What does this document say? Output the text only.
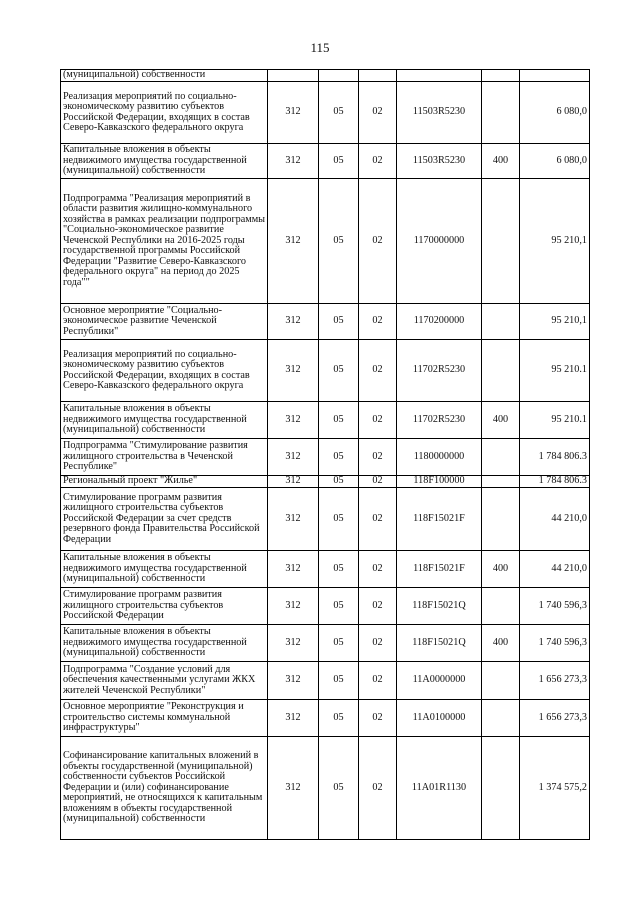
115
(муниципальной) собственности						
Реализация мероприятий по социально-экономическому развитию субъектов Российской Федерации, входящих в состав Северо-Кавказского федерального округа	312	05	02	11503R5230		6 080,0
Капитальные вложения в объекты недвижимого имущества государственной (муниципальной) собственности	312	05	02	11503R5230	400	6 080,0
Подпрограмма "Реализация мероприятий в области развития жилищно-коммунального хозяйства в рамках реализации подпрограммы "Социально-экономическое развитие Чеченской Республики на 2016-2025 годы государственной программы Российской Федерации "Развитие Северо-Кавказского федерального округа" на период до 2025 года""	312	05	02	1170000000		95 210,1
Основное мероприятие "Социально-экономическое развитие Чеченской Республики"	312	05	02	1170200000		95 210,1
Реализация мероприятий по социально-экономическому развитию субъектов Российской Федерации, входящих в состав Северо-Кавказского федерального округа	312	05	02	11702R5230		95 210.1
Капитальные вложения в объекты недвижимого имущества государственной (муниципальной) собственности	312	05	02	11702R5230	400	95 210.1
Подпрограмма "Стимулирование развития жилищного строительства в Чеченской Республике"	312	05	02	1180000000		1 784 806.3
Региональный проект "Жилье"	312	05	02	118F100000		1 784 806.3
Стимулирование программ развития жилищного строительства субъектов Российской Федерации за счет средств резервного фонда Правительства Российской Федерации	312	05	02	118F15021F		44 210,0
Капитальные вложения в объекты недвижимого имущества государственной (муниципальной) собственности	312	05	02	118F15021F	400	44 210,0
Стимулирование программ развития жилищного строительства субъектов Российской Федерации	312	05	02	118F15021Q		1 740 596,3
Капитальные вложения в объекты недвижимого имущества государственной (муниципальной) собственности	312	05	02	118F15021Q	400	1 740 596,3
Подпрограмма "Создание условий для обеспечения качественными услугами ЖКХ жителей Чеченской Республики"	312	05	02	11А0000000		1 656 273,3
Основное мероприятие "Реконструкция и строительство системы коммунальной инфраструктуры"	312	05	02	11А0100000		1 656 273,3
Софинансирование капитальных вложений в объекты государственной (муниципальной) собственности субъектов Российской Федерации и (или) софинансирование мероприятий, не относящихся к капитальным вложениям в объекты государственной (муниципальной) собственности	312	05	02	11А01R1130		1 374 575,2
